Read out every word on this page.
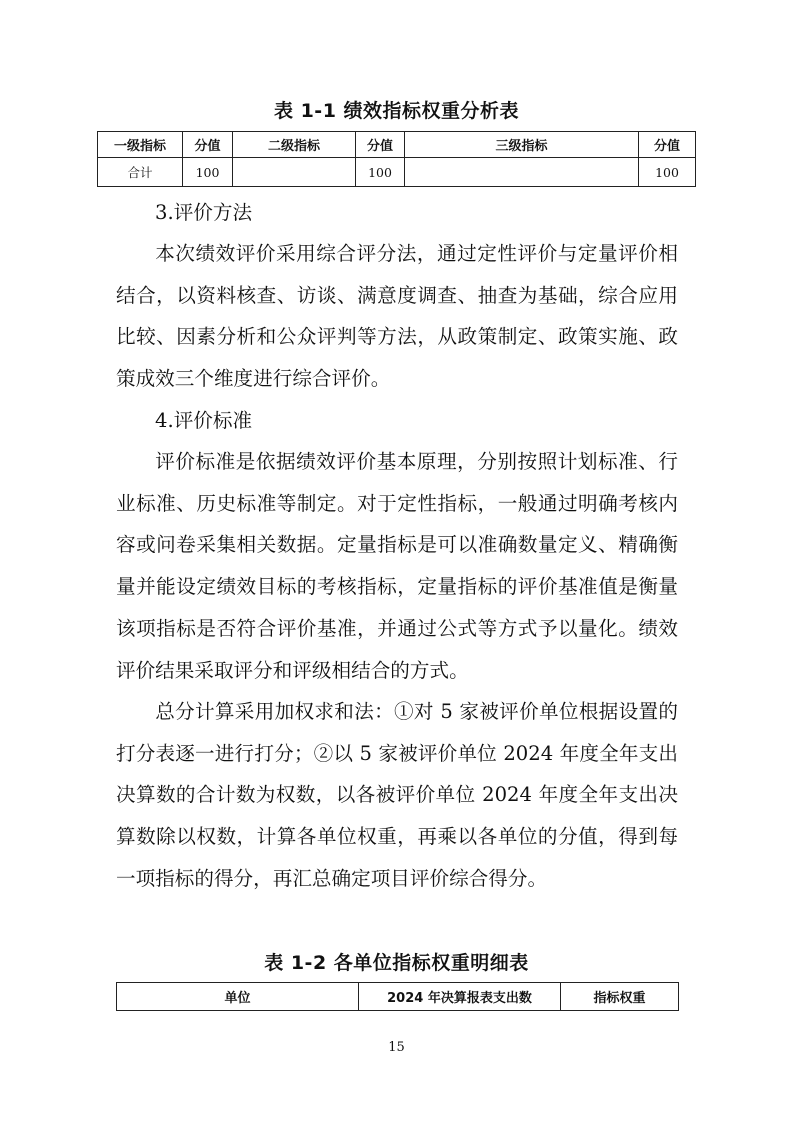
表 1-1 绩效指标权重分析表
一级指标	分值	二级指标	分值	三级指标	分值
合计	100		100		100

3.评价方法

本次绩效评价采用综合评分法，通过定性评价与定量评价相结合，以资料核查、访谈、满意度调查、抽查为基础，综合应用比较、因素分析和公众评判等方法，从政策制定、政策实施、政策成效三个维度进行综合评价。

4.评价标准

评价标准是依据绩效评价基本原理，分别按照计划标准、行业标准、历史标准等制定。对于定性指标，一般通过明确考核内容或问卷采集相关数据。定量指标是可以准确数量定义、精确衡量并能设定绩效目标的考核指标，定量指标的评价基准值是衡量该项指标是否符合评价基准，并通过公式等方式予以量化。绩效评价结果采取评分和评级相结合的方式。

总分计算采用加权求和法：①对 5 家被评价单位根据设置的打分表逐一进行打分；②以 5 家被评价单位 2024 年度全年支出决算数的合计数为权数，以各被评价单位 2024 年度全年支出决算数除以权数，计算各单位权重，再乘以各单位的分值，得到每一项指标的得分，再汇总确定项目评价综合得分。

表 1-2 各单位指标权重明细表
单位	2024 年决算报表支出数	指标权重
15
